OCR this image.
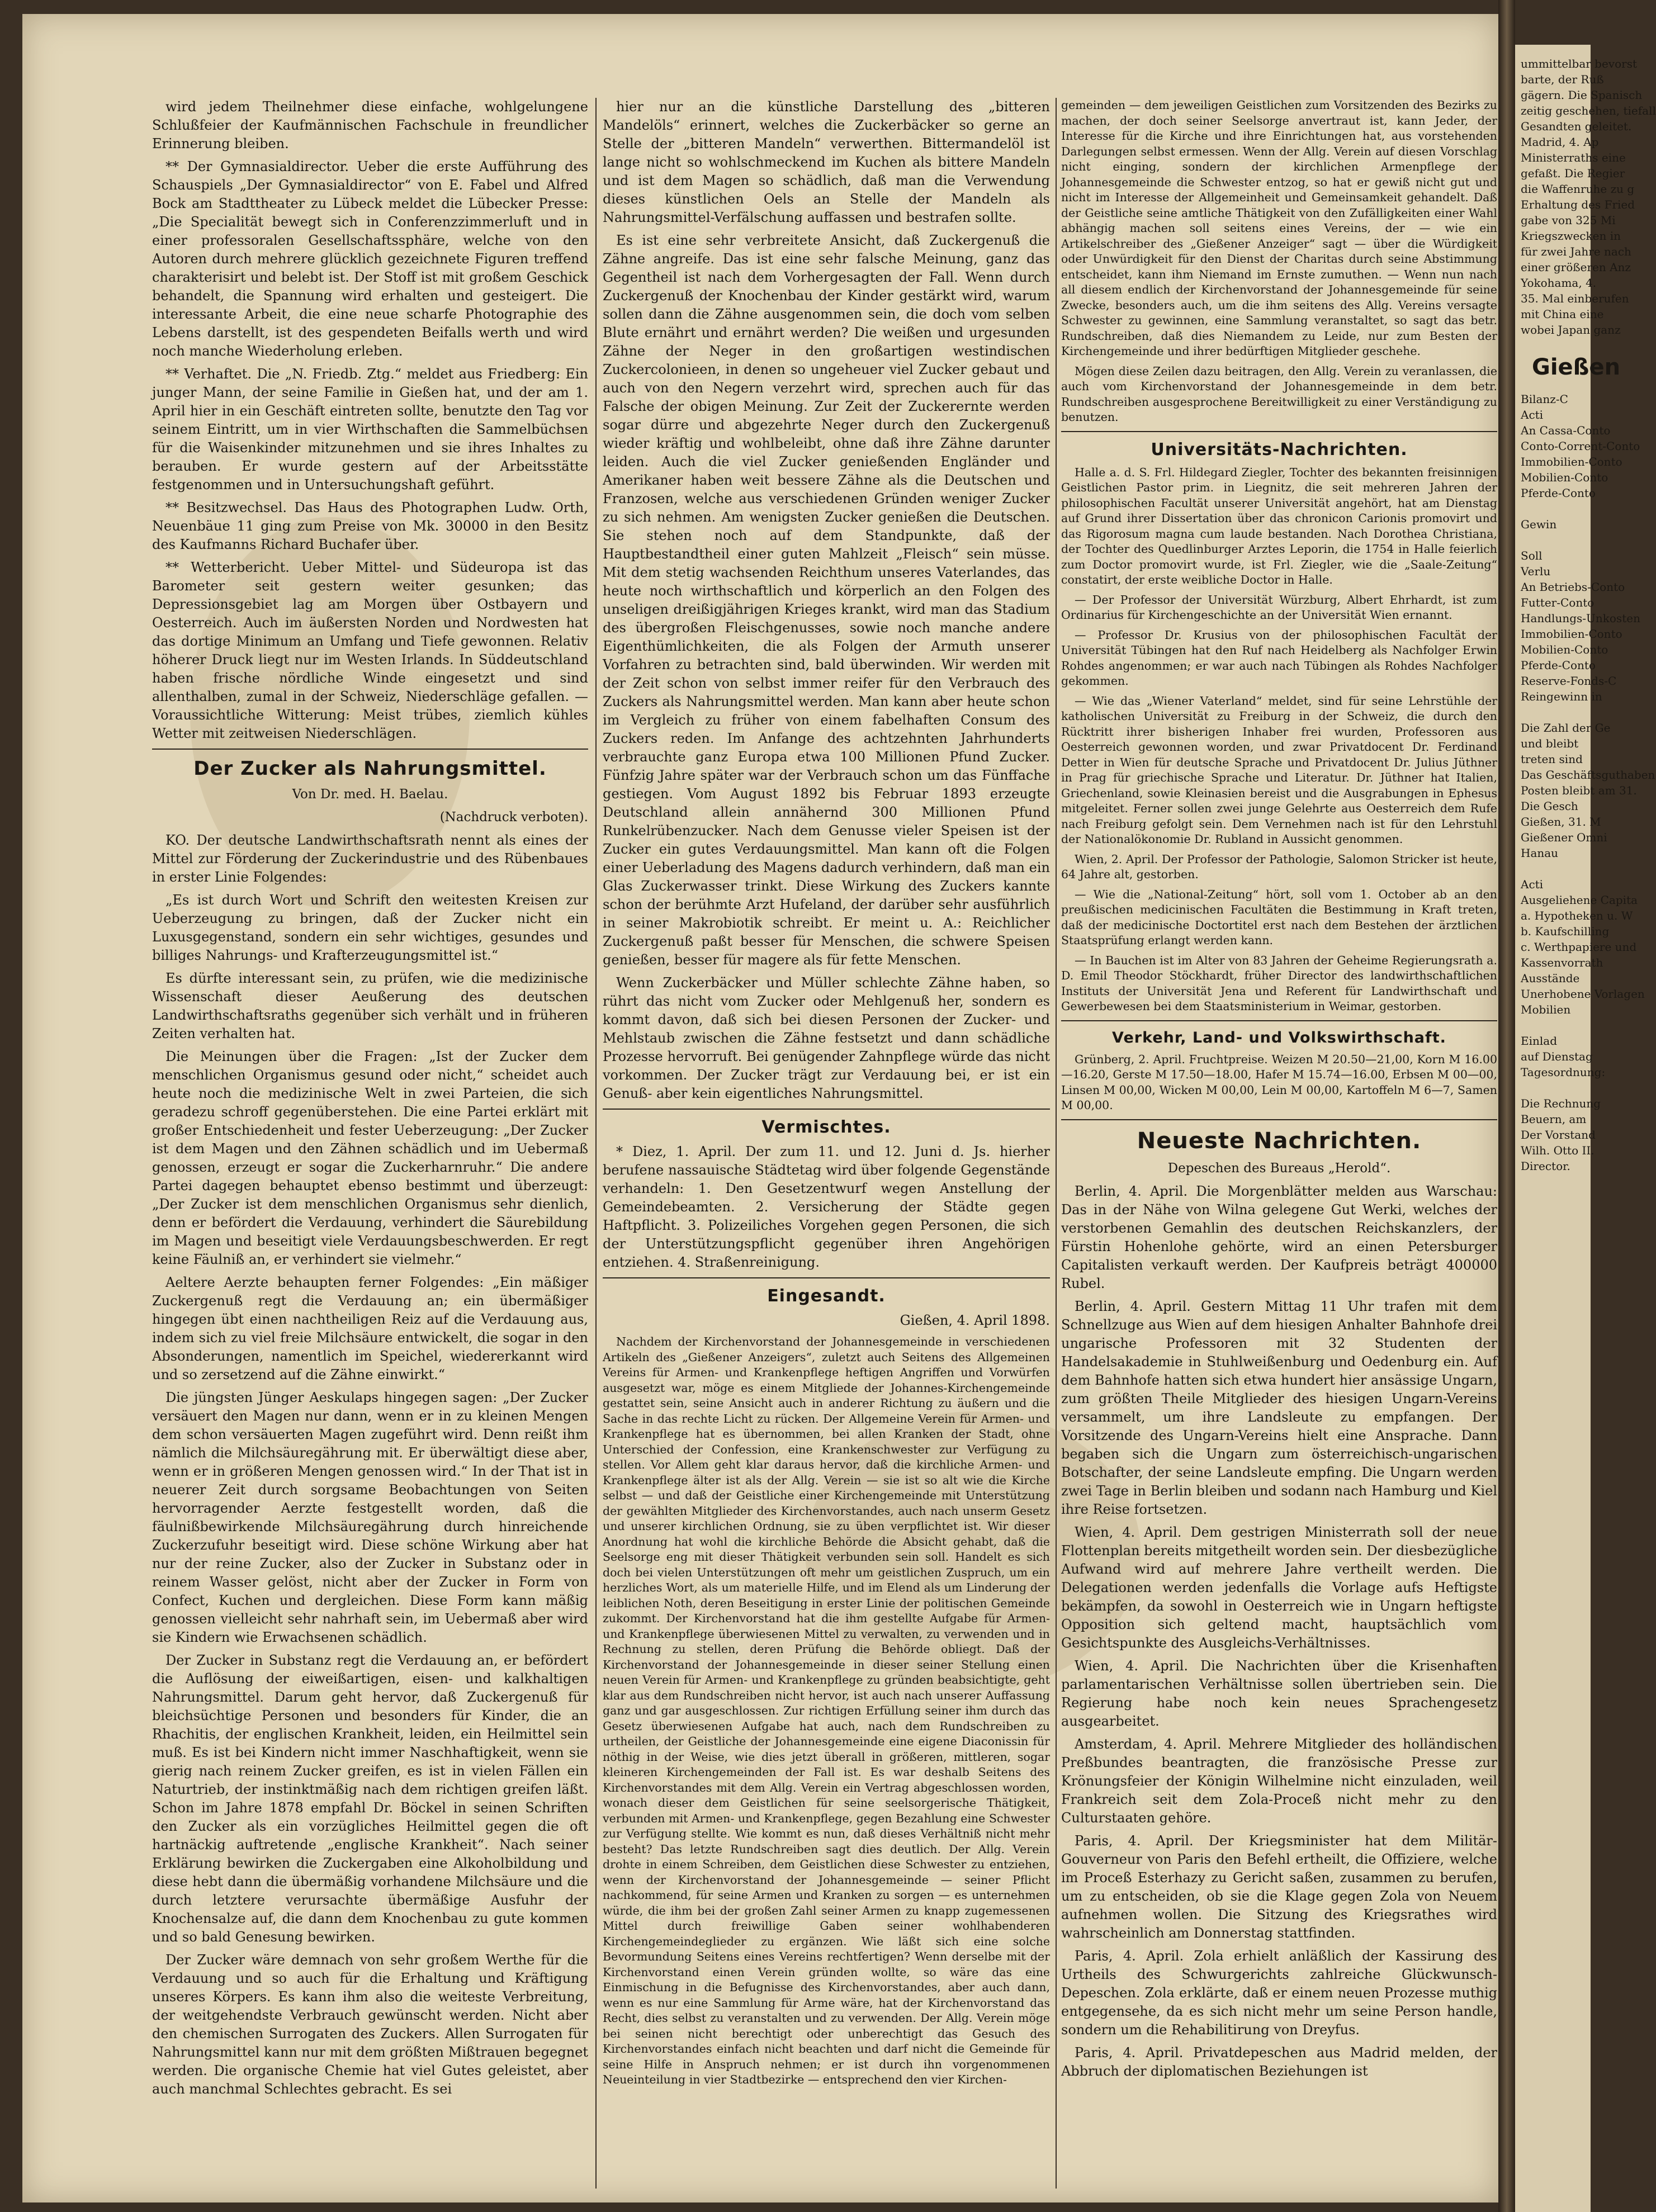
wird jedem Theilnehmer diese einfache, wohlgelungene Schlußfeier der Kaufmännischen Fachschule in freundlicher Erinnerung bleiben.

** Der Gymnasialdirector. Ueber die erste Aufführung des Schauspiels „Der Gymnasialdirector“ von E. Fabel und Alfred Bock am Stadttheater zu Lübeck meldet die Lübecker Presse: „Die Specialität bewegt sich in Conferenzzimmerluft und in einer professoralen Gesellschaftssphäre, welche von den Autoren durch mehrere glücklich gezeichnete Figuren treffend charakterisirt und belebt ist. Der Stoff ist mit großem Geschick behandelt, die Spannung wird erhalten und gesteigert. Die interessante Arbeit, die eine neue scharfe Photographie des Lebens darstellt, ist des gespendeten Beifalls werth und wird noch manche Wiederholung erleben.

** Verhaftet. Die „N. Friedb. Ztg.“ meldet aus Friedberg: Ein junger Mann, der seine Familie in Gießen hat, und der am 1. April hier in ein Geschäft eintreten sollte, benutzte den Tag vor seinem Eintritt, um in vier Wirthschaften die Sammelbüchsen für die Waisenkinder mitzunehmen und sie ihres Inhaltes zu berauben. Er wurde gestern auf der Arbeitsstätte festgenommen und in Untersuchungshaft geführt.

** Besitzwechsel. Das Haus des Photographen Ludw. Orth, Neuenbäue 11 ging zum Preise von Mk. 30000 in den Besitz des Kaufmanns Richard Buchafer über.

** Wetterbericht. Ueber Mittel- und Südeuropa ist das Barometer seit gestern weiter gesunken; das Depressionsgebiet lag am Morgen über Ostbayern und Oesterreich. Auch im äußersten Norden und Nordwesten hat das dortige Minimum an Umfang und Tiefe gewonnen. Relativ höherer Druck liegt nur im Westen Irlands. In Süddeutschland haben frische nördliche Winde eingesetzt und sind allenthalben, zumal in der Schweiz, Niederschläge gefallen. — Voraussichtliche Witterung: Meist trübes, ziemlich kühles Wetter mit zeitweisen Niederschlägen.

Der Zucker als Nahrungsmittel.

Von Dr. med. H. Baelau.

(Nachdruck verboten).

KO. Der deutsche Landwirthschaftsrath nennt als eines der Mittel zur Förderung der Zuckerindustrie und des Rübenbaues in erster Linie Folgendes:

„Es ist durch Wort und Schrift den weitesten Kreisen zur Ueberzeugung zu bringen, daß der Zucker nicht ein Luxusgegenstand, sondern ein sehr wichtiges, gesundes und billiges Nahrungs- und Krafterzeugungsmittel ist.“

Es dürfte interessant sein, zu prüfen, wie die medizinische Wissenschaft dieser Aeußerung des deutschen Landwirthschaftsraths gegenüber sich verhält und in früheren Zeiten verhalten hat.

Die Meinungen über die Fragen: „Ist der Zucker dem menschlichen Organismus gesund oder nicht,“ scheidet auch heute noch die medizinische Welt in zwei Parteien, die sich geradezu schroff gegenüberstehen. Die eine Partei erklärt mit großer Entschiedenheit und fester Ueberzeugung: „Der Zucker ist dem Magen und den Zähnen schädlich und im Uebermaß genossen, erzeugt er sogar die Zuckerharnruhr.“ Die andere Partei dagegen behauptet ebenso bestimmt und überzeugt: „Der Zucker ist dem menschlichen Organismus sehr dienlich, denn er befördert die Verdauung, verhindert die Säurebildung im Magen und beseitigt viele Verdauungsbeschwerden. Er regt keine Fäulniß an, er verhindert sie vielmehr.“

Aeltere Aerzte behaupten ferner Folgendes: „Ein mäßiger Zuckergenuß regt die Verdauung an; ein übermäßiger hingegen übt einen nachtheiligen Reiz auf die Verdauung aus, indem sich zu viel freie Milchsäure entwickelt, die sogar in den Absonderungen, namentlich im Speichel, wiedererkannt wird und so zersetzend auf die Zähne einwirkt.“

Die jüngsten Jünger Aeskulaps hingegen sagen: „Der Zucker versäuert den Magen nur dann, wenn er in zu kleinen Mengen dem schon versäuerten Magen zugeführt wird. Denn reißt ihm nämlich die Milchsäuregährung mit. Er überwältigt diese aber, wenn er in größeren Mengen genossen wird.“ In der That ist in neuerer Zeit durch sorgsame Beobachtungen von Seiten hervorragender Aerzte festgestellt worden, daß die fäulnißbewirkende Milchsäuregährung durch hinreichende Zuckerzufuhr beseitigt wird. Diese schöne Wirkung aber hat nur der reine Zucker, also der Zucker in Substanz oder in reinem Wasser gelöst, nicht aber der Zucker in Form von Confect, Kuchen und dergleichen. Diese Form kann mäßig genossen vielleicht sehr nahrhaft sein, im Uebermaß aber wird sie Kindern wie Erwachsenen schädlich.

Der Zucker in Substanz regt die Verdauung an, er befördert die Auflösung der eiweißartigen, eisen- und kalkhaltigen Nahrungsmittel. Darum geht hervor, daß Zuckergenuß für bleichsüchtige Personen und besonders für Kinder, die an Rhachitis, der englischen Krankheit, leiden, ein Heilmittel sein muß. Es ist bei Kindern nicht immer Naschhaftigkeit, wenn sie gierig nach reinem Zucker greifen, es ist in vielen Fällen ein Naturtrieb, der instinktmäßig nach dem richtigen greifen läßt. Schon im Jahre 1878 empfahl Dr. Böckel in seinen Schriften den Zucker als ein vorzügliches Heilmittel gegen die oft hartnäckig auftretende „englische Krankheit“. Nach seiner Erklärung bewirken die Zuckergaben eine Alkoholbildung und diese hebt dann die übermäßig vorhandene Milchsäure und die durch letztere verursachte übermäßige Ausfuhr der Knochensalze auf, die dann dem Knochenbau zu gute kommen und so bald Genesung bewirken.

Der Zucker wäre demnach von sehr großem Werthe für die Verdauung und so auch für die Erhaltung und Kräftigung unseres Körpers. Es kann ihm also die weiteste Verbreitung, der weitgehendste Verbrauch gewünscht werden. Nicht aber den chemischen Surrogaten des Zuckers. Allen Surrogaten für Nahrungsmittel kann nur mit dem größten Mißtrauen begegnet werden. Die organische Chemie hat viel Gutes geleistet, aber auch manchmal Schlechtes gebracht. Es sei

hier nur an die künstliche Darstellung des „bitteren Mandelöls“ erinnert, welches die Zuckerbäcker so gerne an Stelle der „bitteren Mandeln“ verwerthen. Bittermandelöl ist lange nicht so wohlschmeckend im Kuchen als bittere Mandeln und ist dem Magen so schädlich, daß man die Verwendung dieses künstlichen Oels an Stelle der Mandeln als Nahrungsmittel-Verfälschung auffassen und bestrafen sollte.

Es ist eine sehr verbreitete Ansicht, daß Zuckergenuß die Zähne angreife. Das ist eine sehr falsche Meinung, ganz das Gegentheil ist nach dem Vorhergesagten der Fall. Wenn durch Zuckergenuß der Knochenbau der Kinder gestärkt wird, warum sollen dann die Zähne ausgenommen sein, die doch vom selben Blute ernährt und ernährt werden? Die weißen und urgesunden Zähne der Neger in den großartigen westindischen Zuckercolonieen, in denen so ungeheuer viel Zucker gebaut und auch von den Negern verzehrt wird, sprechen auch für das Falsche der obigen Meinung. Zur Zeit der Zuckerernte werden sogar dürre und abgezehrte Neger durch den Zuckergenuß wieder kräftig und wohlbeleibt, ohne daß ihre Zähne darunter leiden. Auch die viel Zucker genießenden Engländer und Amerikaner haben weit bessere Zähne als die Deutschen und Franzosen, welche aus verschiedenen Gründen weniger Zucker zu sich nehmen. Am wenigsten Zucker genießen die Deutschen. Sie stehen noch auf dem Standpunkte, daß der Hauptbestandtheil einer guten Mahlzeit „Fleisch“ sein müsse. Mit dem stetig wachsenden Reichthum unseres Vaterlandes, das heute noch wirthschaftlich und körperlich an den Folgen des unseligen dreißigjährigen Krieges krankt, wird man das Stadium des übergroßen Fleischgenusses, sowie noch manche andere Eigenthümlichkeiten, die als Folgen der Armuth unserer Vorfahren zu betrachten sind, bald überwinden. Wir werden mit der Zeit schon von selbst immer reifer für den Verbrauch des Zuckers als Nahrungsmittel werden. Man kann aber heute schon im Vergleich zu früher von einem fabelhaften Consum des Zuckers reden. Im Anfange des achtzehnten Jahrhunderts verbrauchte ganz Europa etwa 100 Millionen Pfund Zucker. Fünfzig Jahre später war der Verbrauch schon um das Fünffache gestiegen. Vom August 1892 bis Februar 1893 erzeugte Deutschland allein annähernd 300 Millionen Pfund Runkelrübenzucker. Nach dem Genusse vieler Speisen ist der Zucker ein gutes Verdauungsmittel. Man kann oft die Folgen einer Ueberladung des Magens dadurch verhindern, daß man ein Glas Zuckerwasser trinkt. Diese Wirkung des Zuckers kannte schon der berühmte Arzt Hufeland, der darüber sehr ausführlich in seiner Makrobiotik schreibt. Er meint u. A.: Reichlicher Zuckergenuß paßt besser für Menschen, die schwere Speisen genießen, besser für magere als für fette Menschen.

Wenn Zuckerbäcker und Müller schlechte Zähne haben, so rührt das nicht vom Zucker oder Mehlgenuß her, sondern es kommt davon, daß sich bei diesen Personen der Zucker- und Mehlstaub zwischen die Zähne festsetzt und dann schädliche Prozesse hervorruft. Bei genügender Zahnpflege würde das nicht vorkommen. Der Zucker trägt zur Verdauung bei, er ist ein Genuß- aber kein eigentliches Nahrungsmittel.

Vermischtes.

* Diez, 1. April. Der zum 11. und 12. Juni d. Js. hierher berufene nassauische Städtetag wird über folgende Gegenstände verhandeln: 1. Den Gesetzentwurf wegen Anstellung der Gemeindebeamten. 2. Versicherung der Städte gegen Haftpflicht. 3. Polizeiliches Vorgehen gegen Personen, die sich der Unterstützungspflicht gegenüber ihren Angehörigen entziehen. 4. Straßenreinigung.

Eingesandt.

Gießen, 4. April 1898.

Nachdem der Kirchenvorstand der Johannesgemeinde in verschiedenen Artikeln des „Gießener Anzeigers“, zuletzt auch Seitens des Allgemeinen Vereins für Armen- und Krankenpflege heftigen Angriffen und Vorwürfen ausgesetzt war, möge es einem Mitgliede der Johannes-Kirchengemeinde gestattet sein, seine Ansicht auch in anderer Richtung zu äußern und die Sache in das rechte Licht zu rücken. Der Allgemeine Verein für Armen- und Krankenpflege hat es übernommen, bei allen Kranken der Stadt, ohne Unterschied der Confession, eine Krankenschwester zur Verfügung zu stellen. Vor Allem geht klar daraus hervor, daß die kirchliche Armen- und Krankenpflege älter ist als der Allg. Verein — sie ist so alt wie die Kirche selbst — und daß der Geistliche einer Kirchengemeinde mit Unterstützung der gewählten Mitglieder des Kirchenvorstandes, auch nach unserm Gesetz und unserer kirchlichen Ordnung, sie zu üben verpflichtet ist. Wir dieser Anordnung hat wohl die kirchliche Behörde die Absicht gehabt, daß die Seelsorge eng mit dieser Thätigkeit verbunden sein soll. Handelt es sich doch bei vielen Unterstützungen oft mehr um geistlichen Zuspruch, um ein herzliches Wort, als um materielle Hilfe, und im Elend als um Linderung der leiblichen Noth, deren Beseitigung in erster Linie der politischen Gemeinde zukommt. Der Kirchenvorstand hat die ihm gestellte Aufgabe für Armen- und Krankenpflege überwiesenen Mittel zu verwalten, zu verwenden und in Rechnung zu stellen, deren Prüfung die Behörde obliegt. Daß der Kirchenvorstand der Johannesgemeinde in dieser seiner Stellung einen neuen Verein für Armen- und Krankenpflege zu gründen beabsichtigte, geht klar aus dem Rundschreiben nicht hervor, ist auch nach unserer Auffassung ganz und gar ausgeschlossen. Zur richtigen Erfüllung seiner ihm durch das Gesetz überwiesenen Aufgabe hat auch, nach dem Rundschreiben zu urtheilen, der Geistliche der Johannesgemeinde eine eigene Diaconissin für nöthig in der Weise, wie dies jetzt überall in größeren, mittleren, sogar kleineren Kirchengemeinden der Fall ist. Es war deshalb Seitens des Kirchenvorstandes mit dem Allg. Verein ein Vertrag abgeschlossen worden, wonach dieser dem Geistlichen für seine seelsorgerische Thätigkeit, verbunden mit Armen- und Krankenpflege, gegen Bezahlung eine Schwester zur Verfügung stellte. Wie kommt es nun, daß dieses Verhältniß nicht mehr besteht? Das letzte Rundschreiben sagt dies deutlich. Der Allg. Verein drohte in einem Schreiben, dem Geistlichen diese Schwester zu entziehen, wenn der Kirchenvorstand der Johannesgemeinde — seiner Pflicht nachkommend, für seine Armen und Kranken zu sorgen — es unternehmen würde, die ihm bei der großen Zahl seiner Armen zu knapp zugemessenen Mittel durch freiwillige Gaben seiner wohlhabenderen Kirchengemeindeglieder zu ergänzen. Wie läßt sich eine solche Bevormundung Seitens eines Vereins rechtfertigen? Wenn derselbe mit der Kirchenvorstand einen Verein gründen wollte, so wäre das eine Einmischung in die Befugnisse des Kirchenvorstandes, aber auch dann, wenn es nur eine Sammlung für Arme wäre, hat der Kirchenvorstand das Recht, dies selbst zu veranstalten und zu verwenden. Der Allg. Verein möge bei seinen nicht berechtigt oder unberechtigt das Gesuch des Kirchenvorstandes einfach nicht beachten und darf nicht die Gemeinde für seine Hilfe in Anspruch nehmen; er ist durch ihn vorgenommenen Neueinteilung in vier Stadtbezirke — entsprechend den vier Kirchen-

gemeinden — dem jeweiligen Geistlichen zum Vorsitzenden des Bezirks zu machen, der doch seiner Seelsorge anvertraut ist, kann Jeder, der Interesse für die Kirche und ihre Einrichtungen hat, aus vorstehenden Darlegungen selbst ermessen. Wenn der Allg. Verein auf diesen Vorschlag nicht einging, sondern der kirchlichen Armenpflege der Johannesgemeinde die Schwester entzog, so hat er gewiß nicht gut und nicht im Interesse der Allgemeinheit und Gemeinsamkeit gehandelt. Daß der Geistliche seine amtliche Thätigkeit von den Zufälligkeiten einer Wahl abhängig machen soll seitens eines Vereins, der — wie ein Artikelschreiber des „Gießener Anzeiger“ sagt — über die Würdigkeit oder Unwürdigkeit für den Dienst der Charitas durch seine Abstimmung entscheidet, kann ihm Niemand im Ernste zumuthen. — Wenn nun nach all diesem endlich der Kirchenvorstand der Johannesgemeinde für seine Zwecke, besonders auch, um die ihm seitens des Allg. Vereins versagte Schwester zu gewinnen, eine Sammlung veranstaltet, so sagt das betr. Rundschreiben, daß dies Niemandem zu Leide, nur zum Besten der Kirchengemeinde und ihrer bedürftigen Mitglieder geschehe.

Mögen diese Zeilen dazu beitragen, den Allg. Verein zu veranlassen, die auch vom Kirchenvorstand der Johannesgemeinde in dem betr. Rundschreiben ausgesprochene Bereitwilligkeit zu einer Verständigung zu benutzen.

Universitäts-Nachrichten.

Halle a. d. S. Frl. Hildegard Ziegler, Tochter des bekannten freisinnigen Geistlichen Pastor prim. in Liegnitz, die seit mehreren Jahren der philosophischen Facultät unserer Universität angehört, hat am Dienstag auf Grund ihrer Dissertation über das chronicon Carionis promovirt und das Rigorosum magna cum laude bestanden. Nach Dorothea Christiana, der Tochter des Quedlinburger Arztes Leporin, die 1754 in Halle feierlich zum Doctor promovirt wurde, ist Frl. Ziegler, wie die „Saale-Zeitung“ constatirt, der erste weibliche Doctor in Halle.

— Der Professor der Universität Würzburg, Albert Ehrhardt, ist zum Ordinarius für Kirchengeschichte an der Universität Wien ernannt.

— Professor Dr. Krusius von der philosophischen Facultät der Universität Tübingen hat den Ruf nach Heidelberg als Nachfolger Erwin Rohdes angenommen; er war auch nach Tübingen als Rohdes Nachfolger gekommen.

— Wie das „Wiener Vaterland“ meldet, sind für seine Lehrstühle der katholischen Universität zu Freiburg in der Schweiz, die durch den Rücktritt ihrer bisherigen Inhaber frei wurden, Professoren aus Oesterreich gewonnen worden, und zwar Privatdocent Dr. Ferdinand Detter in Wien für deutsche Sprache und Privatdocent Dr. Julius Jüthner in Prag für griechische Sprache und Literatur. Dr. Jüthner hat Italien, Griechenland, sowie Kleinasien bereist und die Ausgrabungen in Ephesus mitgeleitet. Ferner sollen zwei junge Gelehrte aus Oesterreich dem Rufe nach Freiburg gefolgt sein. Dem Vernehmen nach ist für den Lehrstuhl der Nationalökonomie Dr. Rubland in Aussicht genommen.

Wien, 2. April. Der Professor der Pathologie, Salomon Stricker ist heute, 64 Jahre alt, gestorben.

— Wie die „National-Zeitung“ hört, soll vom 1. October ab an den preußischen medicinischen Facultäten die Bestimmung in Kraft treten, daß der medicinische Doctortitel erst nach dem Bestehen der ärztlichen Staatsprüfung erlangt werden kann.

— In Bauchen ist im Alter von 83 Jahren der Geheime Regierungsrath a. D. Emil Theodor Stöckhardt, früher Director des landwirthschaftlichen Instituts der Universität Jena und Referent für Landwirthschaft und Gewerbewesen bei dem Staatsministerium in Weimar, gestorben.

Verkehr, Land- und Volkswirthschaft.

Grünberg, 2. April. Fruchtpreise. Weizen M 20.50—21,00, Korn M 16.00—16.20, Gerste M 17.50—18.00, Hafer M 15.74—16.00, Erbsen M 00—00, Linsen M 00,00, Wicken M 00,00, Lein M 00,00, Kartoffeln M 6—7, Samen M 00,00.

Neueste Nachrichten.

Depeschen des Bureaus „Herold“.

Berlin, 4. April. Die Morgenblätter melden aus Warschau: Das in der Nähe von Wilna gelegene Gut Werki, welches der verstorbenen Gemahlin des deutschen Reichskanzlers, der Fürstin Hohenlohe gehörte, wird an einen Petersburger Capitalisten verkauft werden. Der Kaufpreis beträgt 400000 Rubel.

Berlin, 4. April. Gestern Mittag 11 Uhr trafen mit dem Schnellzuge aus Wien auf dem hiesigen Anhalter Bahnhofe drei ungarische Professoren mit 32 Studenten der Handelsakademie in Stuhlweißenburg und Oedenburg ein. Auf dem Bahnhofe hatten sich etwa hundert hier ansässige Ungarn, zum größten Theile Mitglieder des hiesigen Ungarn-Vereins versammelt, um ihre Landsleute zu empfangen. Der Vorsitzende des Ungarn-Vereins hielt eine Ansprache. Dann begaben sich die Ungarn zum österreichisch-ungarischen Botschafter, der seine Landsleute empfing. Die Ungarn werden zwei Tage in Berlin bleiben und sodann nach Hamburg und Kiel ihre Reise fortsetzen.

Wien, 4. April. Dem gestrigen Ministerrath soll der neue Flottenplan bereits mitgetheilt worden sein. Der diesbezügliche Aufwand wird auf mehrere Jahre vertheilt werden. Die Delegationen werden jedenfalls die Vorlage aufs Heftigste bekämpfen, da sowohl in Oesterreich wie in Ungarn heftigste Opposition sich geltend macht, hauptsächlich vom Gesichtspunkte des Ausgleichs-Verhältnisses.

Wien, 4. April. Die Nachrichten über die Krisenhaften parlamentarischen Verhältnisse sollen übertrieben sein. Die Regierung habe noch kein neues Sprachengesetz ausgearbeitet.

Amsterdam, 4. April. Mehrere Mitglieder des holländischen Preßbundes beantragten, die französische Presse zur Krönungsfeier der Königin Wilhelmine nicht einzuladen, weil Frankreich seit dem Zola-Proceß nicht mehr zu den Culturstaaten gehöre.

Paris, 4. April. Der Kriegsminister hat dem Militär-Gouverneur von Paris den Befehl ertheilt, die Offiziere, welche im Proceß Esterhazy zu Gericht saßen, zusammen zu berufen, um zu entscheiden, ob sie die Klage gegen Zola von Neuem aufnehmen wollen. Die Sitzung des Kriegsrathes wird wahrscheinlich am Donnerstag stattfinden.

Paris, 4. April. Zola erhielt anläßlich der Kassirung des Urtheils des Schwurgerichts zahlreiche Glückwunsch-Depeschen. Zola erklärte, daß er einem neuen Prozesse muthig entgegensehe, da es sich nicht mehr um seine Person handle, sondern um die Rehabilitirung von Dreyfus.

Paris, 4. April. Privatdepeschen aus Madrid melden, der Abbruch der diplomatischen Beziehungen ist

ummittelbar bevorst
barte, der Ruß
gägern. Die Spanisch
zeitig geschehen, tiefall
Gesandten geleitet.
Madrid, 4. Ap
Ministerraths eine
gefaßt. Die Regier
die Waffenruhe zu g
Erhaltung des Fried
gabe von 325 Mi
Kriegszwecken in
für zwei Jahre nach
einer größeren Anz
Yokohama, 4.
35. Mal einberufen
mit China eine
wobei Japan ganz
Gießen
Bilanz-C
Acti
An Cassa-Conto
Conto-Corrent-Conto
Immobilien-Conto
Mobilien-Conto
Pferde-Conto

Gewin

Soll
Verlu
An Betriebs-Conto
Futter-Conto
Handlungs-Unkosten
Immobilien-Conto
Mobilien-Conto
Pferde-Conto
Reserve-Fonds-C
Reingewinn in

Die Zahl der Ge
und bleibt
treten sind
Das Geschäftsguthaben
Posten bleibt am 31.
Die Gesch
Gießen, 31. M
Gießener Omni
Hanau

Acti
Ausgeliehene Capita
a. Hypotheken u. W
b. Kaufschilling
c. Werthpapiere und
Kassenvorrath
Ausstände
Unerhobene Vorlagen
Mobilien

Einlad
auf Dienstag
Tagesordnung:

Die Rechnung
Beuern, am
Der Vorstand
Wilh. Otto II.
Director.
